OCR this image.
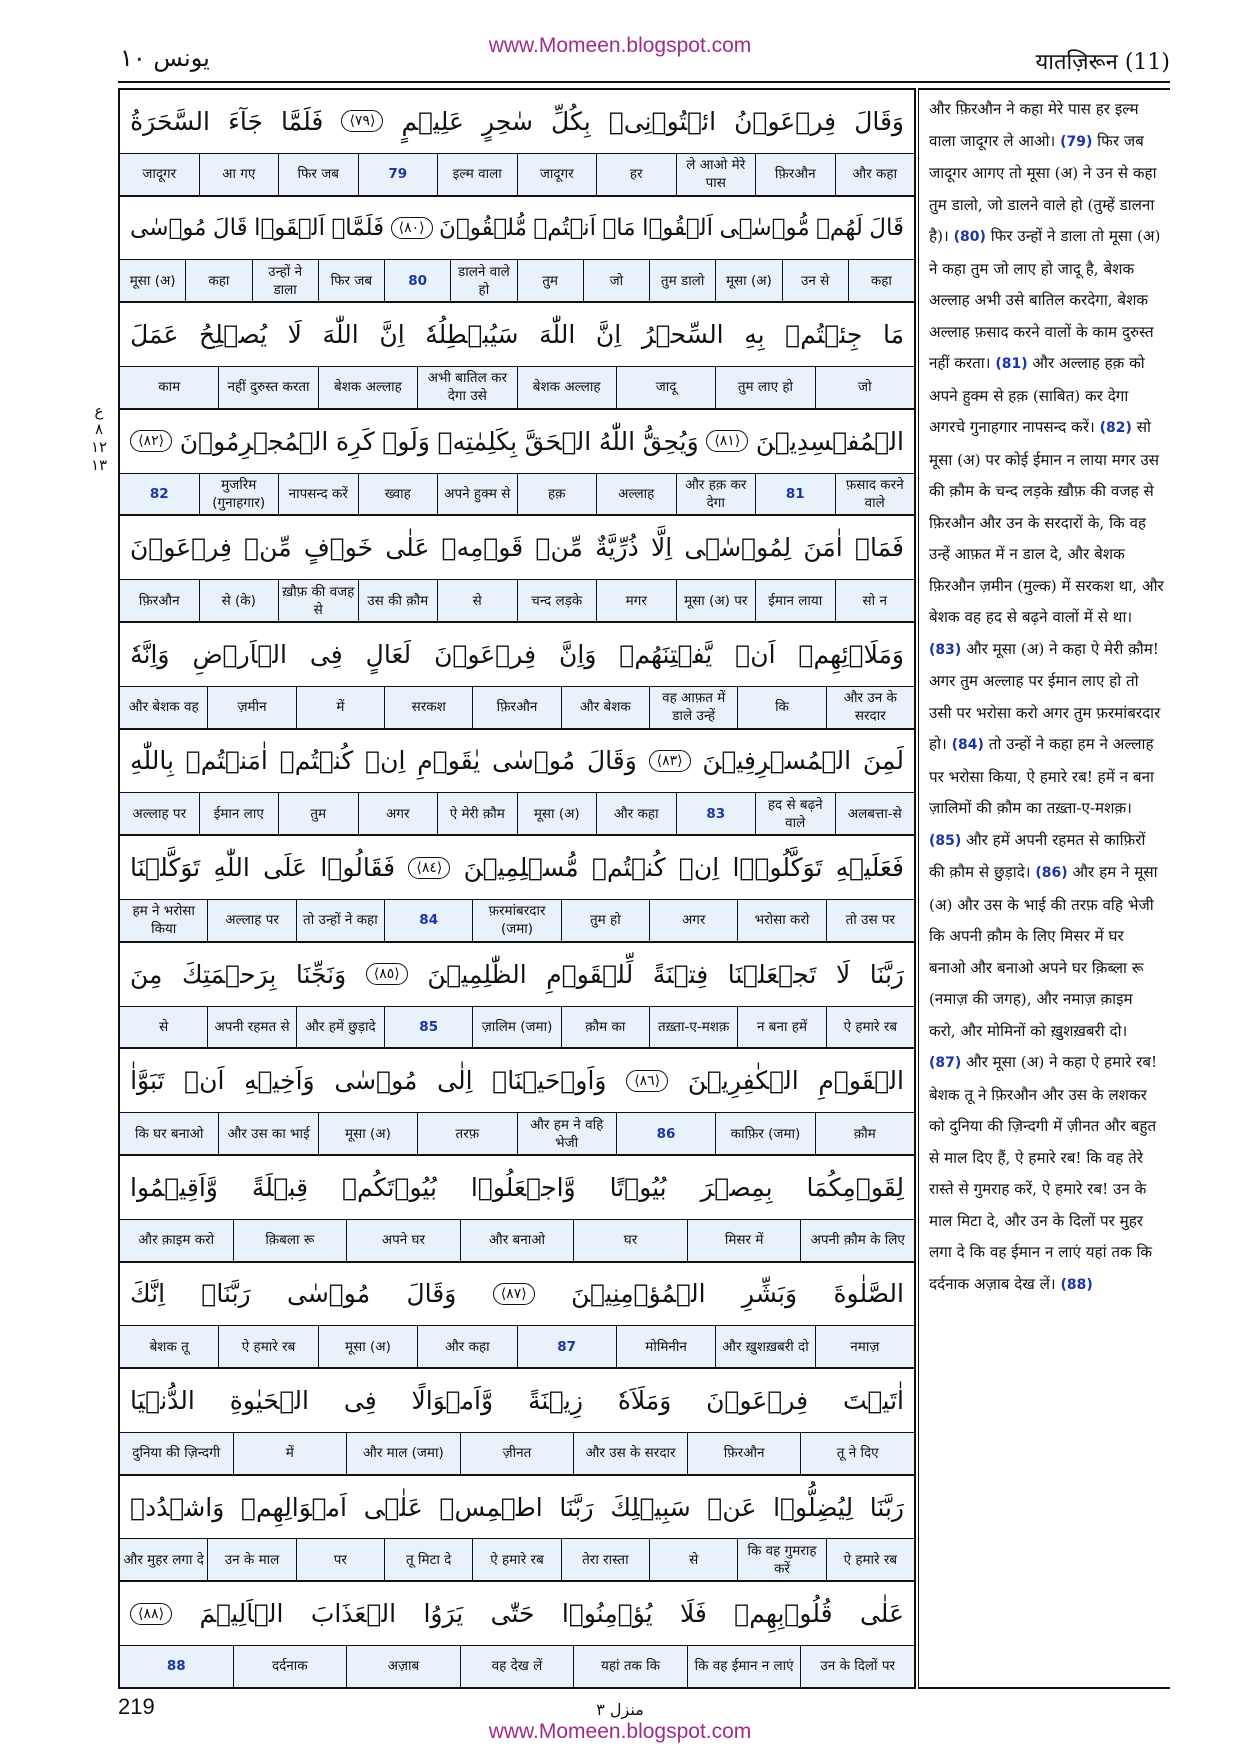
www.Momeen.blogspot.com
يونس ١٠	यातज़िरून (11)
ع
٨
١٢
١٣
وَقَالَ
فِرۡعَوۡنُ
ائۡتُوۡنِیۡ
بِكُلِّ
سٰحِرٍ
عَلِيۡمٍ
⟨٧٩⟩
فَلَمَّا
جَآءَ
السَّحَرَةُ
और कहा
फ़िरऔन
ले आओ मेरे पास
हर
जादूगर
इल्म वाला
79
फिर जब
आ गए
जादूगर
قَالَ
لَهُمۡ
مُّوۡسٰۤى
اَلۡقُوۡا
مَاۤ
اَنۡتُمۡ
مُّلۡقُوۡنَ
⟨٨٠⟩
فَلَمَّاۤ
اَلۡقَوۡا
قَالَ
مُوۡسٰى
कहा
उन से
मूसा (अ)
तुम डालो
जो
तुम
डालने वाले हो
80
फिर जब
उन्हों ने डाला
कहा
मूसा (अ)
مَا
جِئۡتُمۡ
بِهِ
السِّحۡرُ
اِنَّ
اللّٰهَ
سَيُبۡطِلُهٗ
اِنَّ
اللّٰهَ
لَا
يُصۡلِحُ
عَمَلَ
जो
तुम लाए हो
जादू
बेशक अल्लाह
अभी बातिल कर देगा उसे
बेशक अल्लाह
नहीं दुरुस्त करता
काम
الۡمُفۡسِدِيۡنَ
⟨٨١⟩
وَيُحِقُّ
اللّٰهُ
الۡحَقَّ
بِكَلِمٰتِهٖ
وَلَوۡ
كَرِهَ
الۡمُجۡرِمُوۡنَ
⟨٨٢⟩
फ़साद करने वाले
81
और हक़ कर देगा
अल्लाह
हक़
अपने हुक्म से
ख्वाह
नापसन्द करें
मुजरिम (गुनाहगार)
82
فَمَاۤ
اٰمَنَ
لِمُوۡسٰۤى
اِلَّا
ذُرِّيَّةٌ
مِّنۡ
قَوۡمِهٖ
عَلٰى
خَوۡفٍ
مِّنۡ
فِرۡعَوۡنَ
सो न
ईमान लाया
मूसा (अ) पर
मगर
चन्द लड़के
से
उस की क़ौम
ख़ौफ़ की वजह से
से (के)
फ़िरऔन
وَمَلَا۟ئِهِمۡ
اَنۡ
يَّفۡتِنَهُمۡ
وَاِنَّ
فِرۡعَوۡنَ
لَعَالٍ
فِى
الۡاَرۡضِ
وَاِنَّهٗ
और उन के सरदार
कि
वह आफ़त में डाले उन्हें
और बेशक
फ़िरऔन
सरकश
में
ज़मीन
और बेशक वह
لَمِنَ
الۡمُسۡرِفِيۡنَ
⟨٨٣⟩
وَقَالَ
مُوۡسٰى
يٰقَوۡمِ
اِنۡ
كُنۡتُمۡ
اٰمَنۡتُمۡ
بِاللّٰهِ
अलबत्ता-से
हद से बढ़ने वाले
83
और कहा
मूसा (अ)
ऐ मेरी क़ौम
अगर
तुम
ईमान लाए
अल्लाह पर
فَعَلَيۡهِ
تَوَكَّلُوۡۤا
اِنۡ
كُنۡتُمۡ
مُّسۡلِمِيۡنَ
⟨٨٤⟩
فَقَالُوۡا
عَلَى
اللّٰهِ
تَوَكَّلۡنَا
तो उस पर
भरोसा करो
अगर
तुम हो
फ़रमांबरदार (जमा)
84
तो उन्हों ने कहा
अल्लाह पर
हम ने भरोसा किया
رَبَّنَا
لَا
تَجۡعَلۡنَا
فِتۡنَةً
لِّلۡقَوۡمِ
الظّٰلِمِيۡنَ
⟨٨٥⟩
وَنَجِّنَا
بِرَحۡمَتِكَ
مِنَ
ऐ हमारे रब
न बना हमें
तख़्ता-ए-मशक़
क़ौम का
ज़ालिम (जमा)
85
और हमें छुड़ादे
अपनी रहमत से
से
الۡقَوۡمِ
الۡكٰفِرِيۡنَ
⟨٨٦⟩
وَاَوۡحَيۡنَاۤ
اِلٰى
مُوۡسٰى
وَاَخِيۡهِ
اَنۡ
تَبَوَّاٰ
क़ौम
काफ़िर (जमा)
86
और हम ने वहि भेजी
तरफ़
मूसा (अ)
और उस का भाई
कि घर बनाओ
لِقَوۡمِكُمَا
بِمِصۡرَ
بُيُوۡتًا
وَّاجۡعَلُوۡا
بُيُوۡتَكُمۡ
قِبۡلَةً
وَّاَقِيۡمُوا
अपनी क़ौम के लिए
मिसर में
घर
और बनाओ
अपने घर
क़िबला रू
और क़ाइम करो
الصَّلٰوةَ
وَبَشِّرِ
الۡمُؤۡمِنِيۡنَ
⟨٨٧⟩
وَقَالَ
مُوۡسٰى
رَبَّنَاۤ
اِنَّكَ
नमाज़
और ख़ुशख़बरी दो
मोमिनीन
87
और कहा
मूसा (अ)
ऐ हमारे रब
बेशक तू
اٰتَيۡتَ
فِرۡعَوۡنَ
وَمَلَاَهٗ
زِيۡنَةً
وَّاَمۡوَالًا
فِى
الۡحَيٰوةِ
الدُّنۡيَا
तू ने दिए
फ़िरऔन
और उस के सरदार
ज़ीनत
और माल (जमा)
में
दुनिया की ज़िन्दगी
رَبَّنَا
لِيُضِلُّوۡا
عَنۡ
سَبِيۡلِكَ
رَبَّنَا
اطۡمِسۡ
عَلٰۤى
اَمۡوَالِهِمۡ
وَاشۡدُدۡ
ऐ हमारे रब
कि वह गुमराह करें
से
तेरा रास्ता
ऐ हमारे रब
तू मिटा दे
पर
उन के माल
और मुहर लगा दे
عَلٰى
قُلُوۡبِهِمۡ
فَلَا
يُؤۡمِنُوۡا
حَتّٰى
يَرَوُا
الۡعَذَابَ
الۡاَلِيۡمَ
⟨٨٨⟩
उन के दिलों पर
कि वह ईमान न लाएं
यहां तक कि
वह देख लें
अज़ाब
दर्दनाक
88
और फ़िरऔन ने कहा मेरे पास हर इल्म वाला जादूगर ले आओ। (79) फिर जब जादूगर आगए तो मूसा (अ) ने उन से कहा तुम डालो, जो डालने वाले हो (तुम्हें डालना है)। (80) फिर उन्हों ने डाला तो मूसा (अ) ने कहा तुम जो लाए हो जादू है, बेशक अल्लाह अभी उसे बातिल करदेगा, बेशक अल्लाह फ़साद करने वालों के काम दुरुस्त नहीं करता। (81) और अल्लाह हक़ को अपने हुक्म से हक़ (साबित) कर देगा अगरचे गुनाहगार नापसन्द करें। (82) सो मूसा (अ) पर कोई ईमान न लाया मगर उस की क़ौम के चन्द लड़के ख़ौफ़ की वजह से फ़िरऔन और उन के सरदारों के, कि वह उन्हें आफ़त में न डाल दे, और बेशक फ़िरऔन ज़मीन (मुल्क) में सरकश था, और बेशक वह हद से बढ़ने वालों में से था। (83) और मूसा (अ) ने कहा ऐ मेरी क़ौम! अगर तुम अल्लाह पर ईमान लाए हो तो उसी पर भरोसा करो अगर तुम फ़रमांबरदार हो। (84) तो उन्हों ने कहा हम ने अल्लाह पर भरोसा किया, ऐ हमारे रब! हमें न बना ज़ालिमों की क़ौम का तख़्ता-ए-मशक़। (85) और हमें अपनी रहमत से काफ़िरों की क़ौम से छुड़ादे। (86) और हम ने मूसा (अ) और उस के भाई की तरफ़ वहि भेजी कि अपनी क़ौम के लिए मिसर में घर बनाओ और बनाओ अपने घर क़िब्ला रू (नमाज़ की जगह), और नमाज़ क़ाइम करो, और मोमिनों को ख़ुशख़बरी दो। (87) और मूसा (अ) ने कहा ऐ हमारे रब! बेशक तू ने फ़िरऔन और उस के लशकर को दुनिया की ज़िन्दगी में ज़ीनत और बहुत से माल दिए हैं, ऐ हमारे रब! कि वह तेरे रास्ते से गुमराह करें, ऐ हमारे रब! उन के माल मिटा दे, और उन के दिलों पर मुहर लगा दे कि वह ईमान न लाएं यहां तक कि दर्दनाक अज़ाब देख लें। (88)
219	منزل ٣
www.Momeen.blogspot.com
